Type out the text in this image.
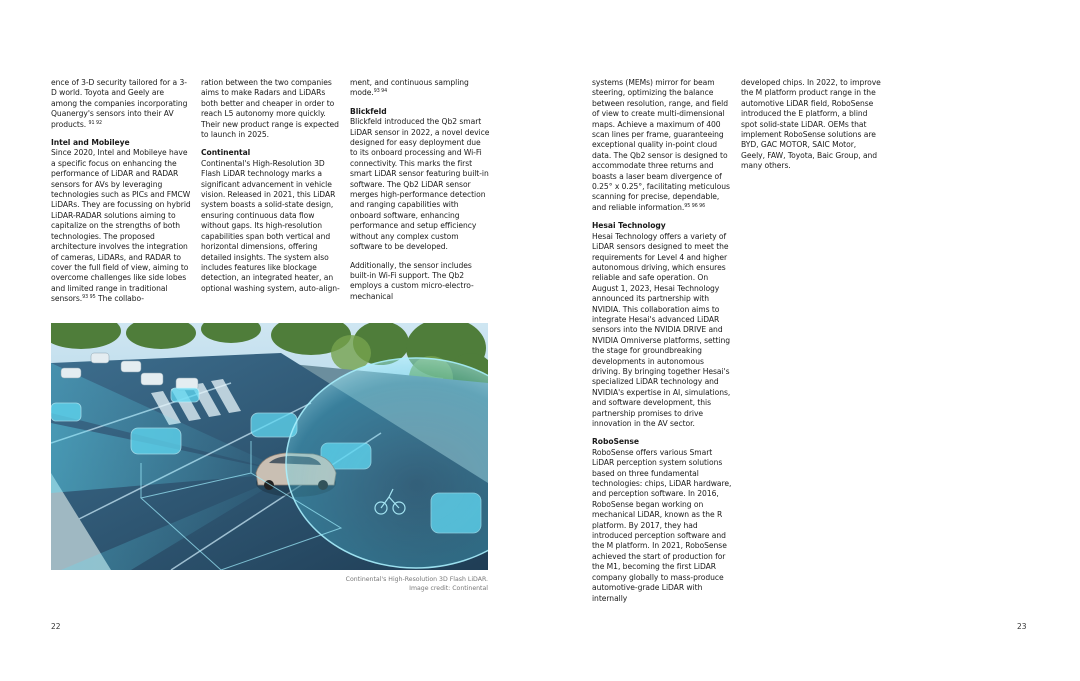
ence of 3-D security tailored for a 3-D world. Toyota and Geely are among the companies incorporating Quanergy's sensors into their AV products. $^{91 92}$

Intel and Mobileye

Since 2020, Intel and Mobileye have a specific focus on enhancing the performance of LiDAR and RADAR sensors for AVs by leveraging technologies such as PICs and FMCW LiDARs. They are focussing on hybrid LiDAR-RADAR solutions aiming to capitalize on the strengths of both technologies. The proposed architecture involves the integration of cameras, LiDARs, and RADAR to cover the full field of view, aiming to overcome challenges like side lobes and limited range in traditional sensors.$^{93 95}$ The collabo-

ration between the two companies aims to make Radars and LiDARs both better and cheaper in order to reach L5 autonomy more quickly. Their new product range is expected to launch in 2025.

Continental

Continental's High-Resolution 3D Flash LiDAR technology marks a significant advancement in vehicle vision. Released in 2021, this LiDAR system boasts a solid-state design, ensuring continuous data flow without gaps. Its high-resolution capabilities span both vertical and horizontal dimensions, offering detailed insights. The system also includes features like blockage detection, an integrated heater, an optional washing system, auto-align-

ment, and continuous sampling mode.$^{93 94}$

Blickfeld

Blickfeld introduced the Qb2 smart LiDAR sensor in 2022, a novel device designed for easy deployment due to its onboard processing and Wi-Fi connectivity. This marks the first smart LiDAR sensor featuring built-in software. The Qb2 LiDAR sensor merges high-performance detection and ranging capabilities with onboard software, enhancing performance and setup efficiency without any complex custom software to be developed.

Additionally, the sensor includes built-in Wi-Fi support. The Qb2 employs a custom micro-electro-mechanical

Continental's High-Resolution 3D Flash LiDAR.
Image credit: Continental

systems (MEMs) mirror for beam steering, optimizing the balance between resolution, range, and field of view to create multi-dimensional maps. Achieve a maximum of 400 scan lines per frame, guaranteeing exceptional quality in-point cloud data. The Qb2 sensor is designed to accommodate three returns and boasts a laser beam divergence of 0.25° x 0.25°, facilitating meticulous scanning for precise, dependable, and reliable information.$^{95 96 96}$

Hesai Technology

Hesai Technology offers a variety of LiDAR sensors designed to meet the requirements for Level 4 and higher autonomous driving, which ensures reliable and safe operation. On August 1, 2023, Hesai Technology announced its partnership with NVIDIA. This collaboration aims to integrate Hesai's advanced LiDAR sensors into the NVIDIA DRIVE and NVIDIA Omniverse platforms, setting the stage for groundbreaking developments in autonomous driving. By bringing together Hesai's specialized LiDAR technology and NVIDIA's expertise in AI, simulations, and software development, this partnership promises to drive innovation in the AV sector.

RoboSense

RoboSense offers various Smart LiDAR perception system solutions based on three fundamental technologies: chips, LiDAR hardware, and perception software. In 2016, RoboSense began working on mechanical LiDAR, known as the R platform. By 2017, they had introduced perception software and the M platform. In 2021, RoboSense achieved the start of production for the M1, becoming the first LiDAR company globally to mass-produce automotive-grade LiDAR with internally

developed chips. In 2022, to improve the M platform product range in the automotive LiDAR field, RoboSense introduced the E platform, a blind spot solid-state LiDAR. OEMs that implement RoboSense solutions are BYD, GAC MOTOR, SAIC Motor, Geely, FAW, Toyota, Baic Group, and many others.

22	23
